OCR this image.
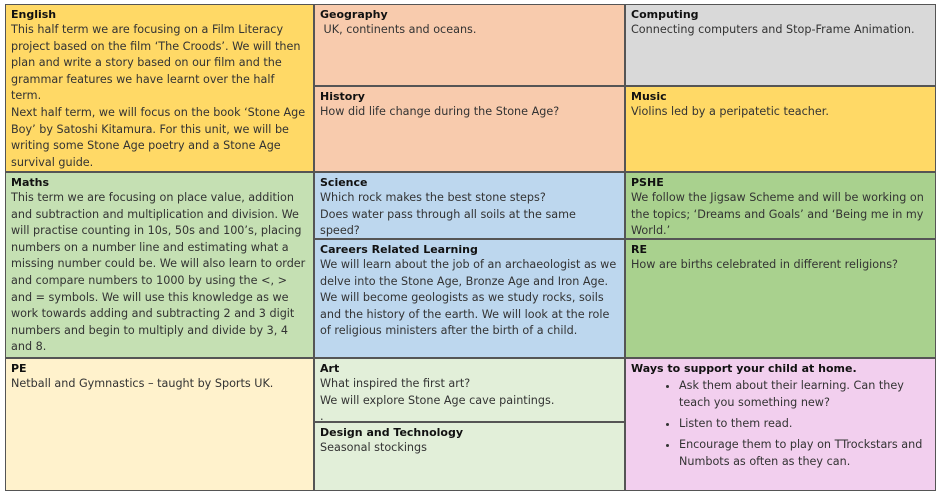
English

This half term we are focusing on a Film Literacy project based on the film ‘The Croods’. We will then plan and write a story based on our film and the grammar features we have learnt over the half term.

Next half term, we will focus on the book ‘Stone Age Boy’ by Satoshi Kitamura. For this unit, we will be writing some Stone Age poetry and a Stone Age survival guide.

Geography

UK, continents and oceans.

Computing

Connecting computers and Stop-Frame Animation.

History

How did life change during the Stone Age?

Music

Violins led by a peripatetic teacher.

Maths

This term we are focusing on place value, addition and subtraction and multiplication and division. We will practise counting in 10s, 50s and 100’s, placing numbers on a number line and estimating what a missing number could be. We will also learn to order and compare numbers to 1000 by using the <, > and = symbols. We will use this knowledge as we work towards adding and subtracting 2 and 3 digit numbers and begin to multiply and divide by 3, 4 and 8.

Science

Which rock makes the best stone steps?

Does water pass through all soils at the same speed?

PSHE

We follow the Jigsaw Scheme and will be working on the topics; ‘Dreams and Goals’ and ‘Being me in my World.’

Careers Related Learning

We will learn about the job of an archaeologist as we delve into the Stone Age, Bronze Age and Iron Age. We will become geologists as we study rocks, soils and the history of the earth. We will look at the role of religious ministers after the birth of a child.

RE

How are births celebrated in different religions?

PE

Netball and Gymnastics – taught by Sports UK.

Art

What inspired the first art?

We will explore Stone Age cave paintings.

.

Design and Technology

Seasonal stockings

Ways to support your child at home.
• Ask them about their learning. Can they teach you something new?
• Listen to them read.
• Encourage them to play on TTrockstars and Numbots as often as they can.
